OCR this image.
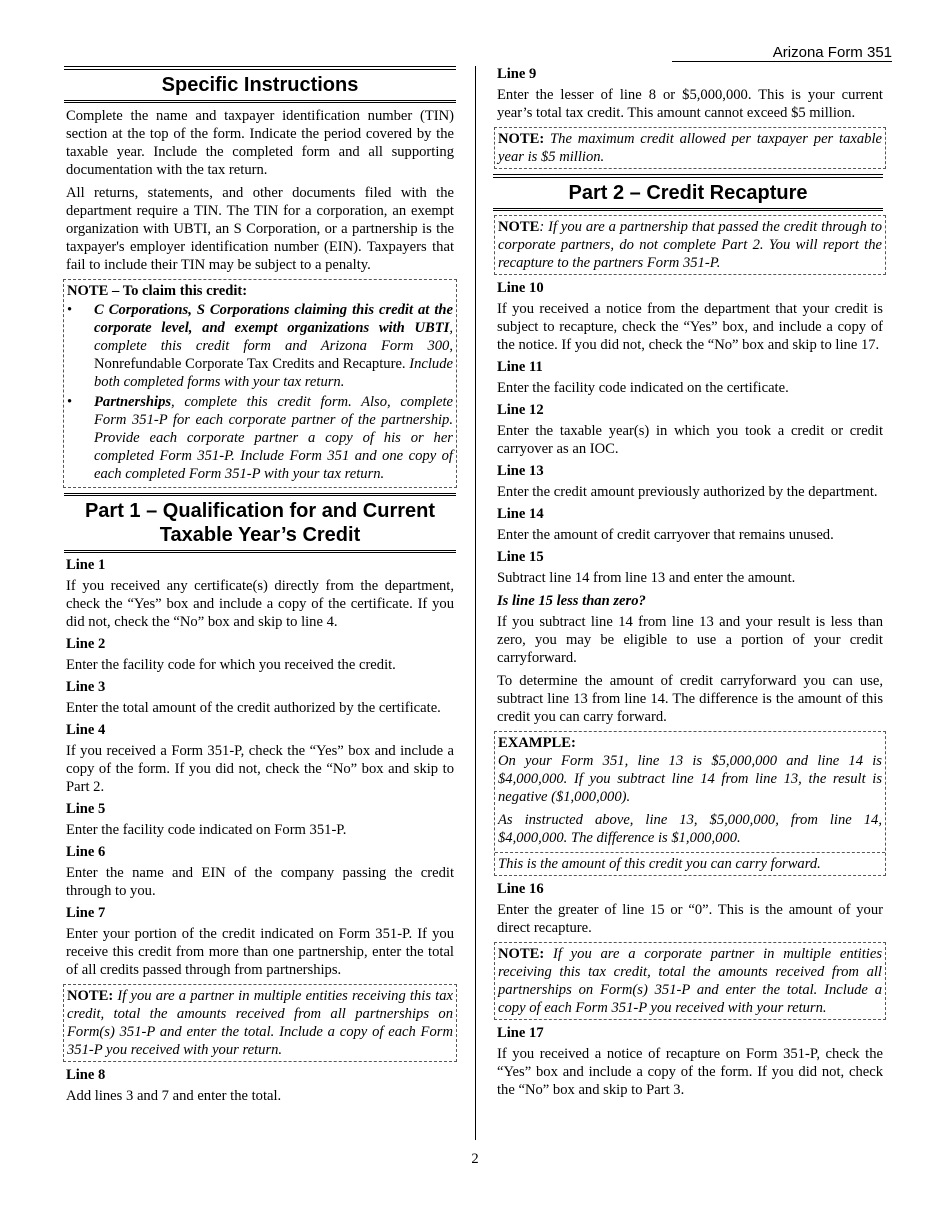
Arizona Form 351
Specific Instructions

Complete the name and taxpayer identification number (TIN) section at the top of the form. Indicate the period covered by the taxable year. Include the completed form and all supporting documentation with the tax return.

All returns, statements, and other documents filed with the department require a TIN. The TIN for a corporation, an exempt organization with UBTI, an S Corporation, or a partnership is the taxpayer's employer identification number (EIN). Taxpayers that fail to include their TIN may be subject to a penalty.

NOTE – To claim this credit:
• C Corporations, S Corporations claiming this credit at the corporate level, and exempt organizations with UBTI, complete this credit form and Arizona Form 300, Nonrefundable Corporate Tax Credits and Recapture. Include both completed forms with your tax return.
• Partnerships, complete this credit form. Also, complete Form 351-P for each corporate partner of the partnership. Provide each corporate partner a copy of his or her completed Form 351-P. Include Form 351 and one copy of each completed Form 351-P with your tax return.
Part 1 – Qualification for and Current
Taxable Year’s Credit
Line 1

If you received any certificate(s) directly from the department, check the “Yes” box and include a copy of the certificate. If you did not, check the “No” box and skip to line 4.

Line 2

Enter the facility code for which you received the credit.

Line 3

Enter the total amount of the credit authorized by the certificate.

Line 4

If you received a Form 351-P, check the “Yes” box and include a copy of the form. If you did not, check the “No” box and skip to Part 2.

Line 5

Enter the facility code indicated on Form 351-P.

Line 6

Enter the name and EIN of the company passing the credit through to you.

Line 7

Enter your portion of the credit indicated on Form 351-P. If you receive this credit from more than one partnership, enter the total of all credits passed through from partnerships.

NOTE: If you are a partner in multiple entities receiving this tax credit, total the amounts received from all partnerships on Form(s) 351-P and enter the total. Include a copy of each Form 351-P you received with your return.
Line 8

Add lines 3 and 7 and enter the total.

Line 9

Enter the lesser of line 8 or $5,000,000. This is your current year’s total tax credit. This amount cannot exceed $5 million.

NOTE: The maximum credit allowed per taxpayer per taxable year is $5 million.
Part 2 – Credit Recapture
NOTE: If you are a partnership that passed the credit through to corporate partners, do not complete Part 2. You will report the recapture to the partners Form 351-P.
Line 10

If you received a notice from the department that your credit is subject to recapture, check the “Yes” box, and include a copy of the notice. If you did not, check the “No” box and skip to line 17.

Line 11

Enter the facility code indicated on the certificate.

Line 12

Enter the taxable year(s) in which you took a credit or credit carryover as an IOC.

Line 13

Enter the credit amount previously authorized by the department.

Line 14

Enter the amount of credit carryover that remains unused.

Line 15

Subtract line 14 from line 13 and enter the amount.

Is line 15 less than zero?

If you subtract line 14 from line 13 and your result is less than zero, you may be eligible to use a portion of your credit carryforward.

To determine the amount of credit carryforward you can use, subtract line 13 from line 14. The difference is the amount of this credit you can carry forward.

EXAMPLE:

On your Form 351, line 13 is $5,000,000 and line 14 is $4,000,000. If you subtract line 14 from line 13, the result is negative ($1,000,000).

As instructed above, line 13, $5,000,000, from line 14, $4,000,000. The difference is $1,000,000.

This is the amount of this credit you can carry forward.

Line 16

Enter the greater of line 15 or “0”. This is the amount of your direct recapture.

NOTE: If you are a corporate partner in multiple entities receiving this tax credit, total the amounts received from all partnerships on Form(s) 351-P and enter the total. Include a copy of each Form 351-P you received with your return.
Line 17

If you received a notice of recapture on Form 351-P, check the “Yes” box and include a copy of the form. If you did not, check the “No” box and skip to Part 3.

2
